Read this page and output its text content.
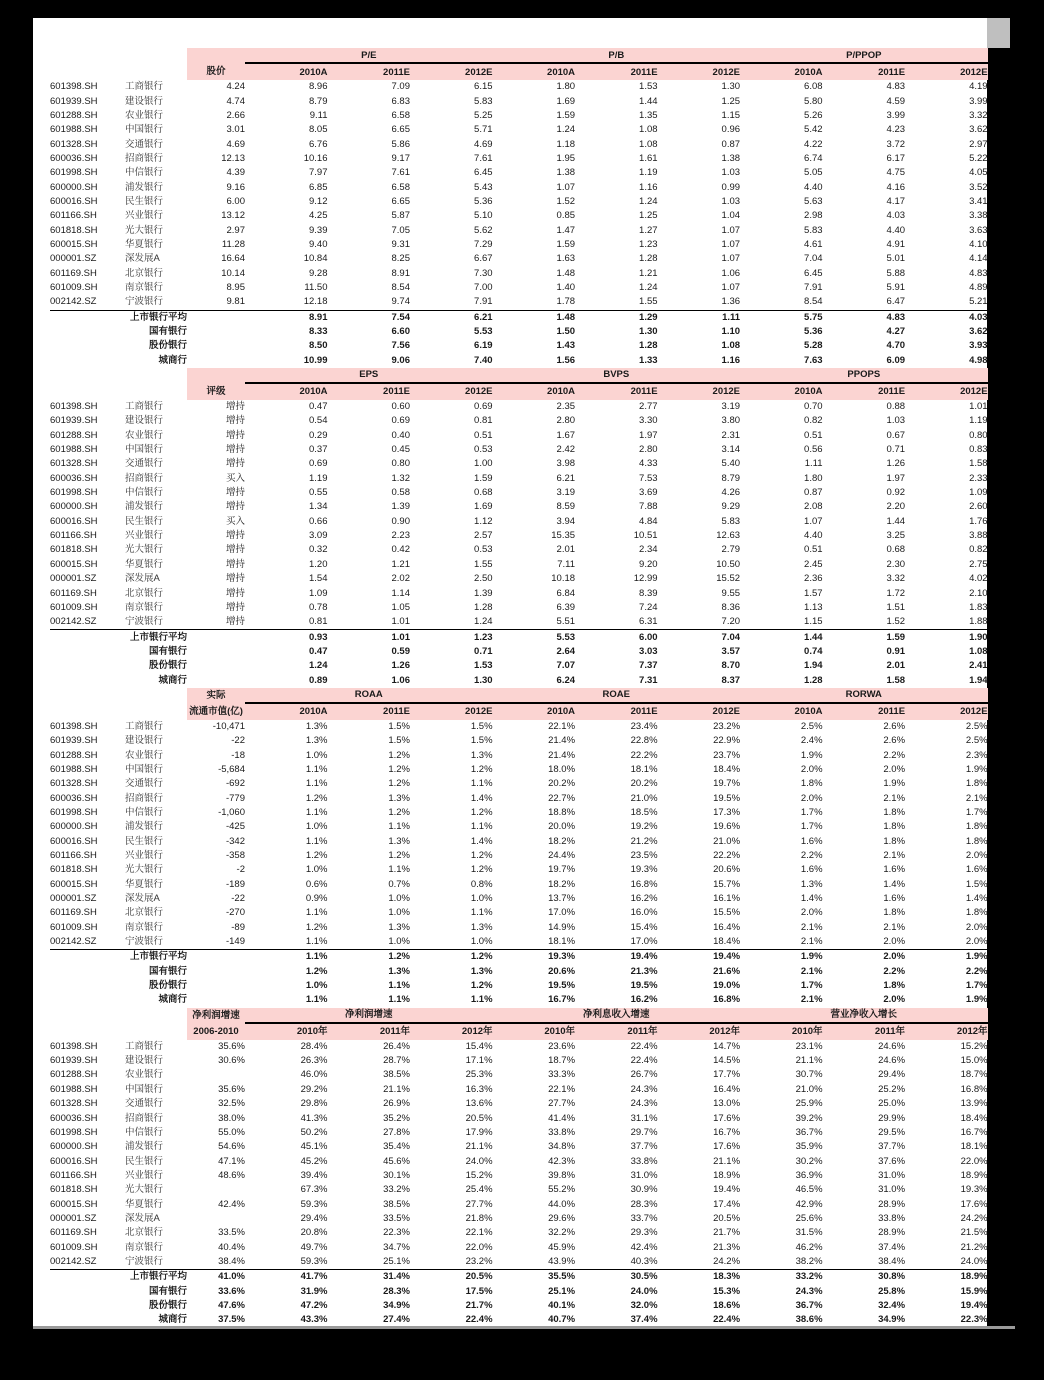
			P/E			P/B			P/PPOP		
		股价	2010A	2011E	2012E	2010A	2011E	2012E	2010A	2011E	2012E
601398.SH	工商银行	4.24	8.96	7.09	6.15	1.80	1.53	1.30	6.08	4.83	4.19
601939.SH	建设银行	4.74	8.79	6.83	5.83	1.69	1.44	1.25	5.80	4.59	3.99
601288.SH	农业银行	2.66	9.11	6.58	5.25	1.59	1.35	1.15	5.26	3.99	3.32
601988.SH	中国银行	3.01	8.05	6.65	5.71	1.24	1.08	0.96	5.42	4.23	3.62
601328.SH	交通银行	4.69	6.76	5.86	4.69	1.18	1.08	0.87	4.22	3.72	2.97
600036.SH	招商银行	12.13	10.16	9.17	7.61	1.95	1.61	1.38	6.74	6.17	5.22
601998.SH	中信银行	4.39	7.97	7.61	6.45	1.38	1.19	1.03	5.05	4.75	4.05
600000.SH	浦发银行	9.16	6.85	6.58	5.43	1.07	1.16	0.99	4.40	4.16	3.52
600016.SH	民生银行	6.00	9.12	6.65	5.36	1.52	1.24	1.03	5.63	4.17	3.41
601166.SH	兴业银行	13.12	4.25	5.87	5.10	0.85	1.25	1.04	2.98	4.03	3.38
601818.SH	光大银行	2.97	9.39	7.05	5.62	1.47	1.27	1.07	5.83	4.40	3.63
600015.SH	华夏银行	11.28	9.40	9.31	7.29	1.59	1.23	1.07	4.61	4.91	4.10
000001.SZ	深发展A	16.64	10.84	8.25	6.67	1.63	1.28	1.07	7.04	5.01	4.14
601169.SH	北京银行	10.14	9.28	8.91	7.30	1.48	1.21	1.06	6.45	5.88	4.83
601009.SH	南京银行	8.95	11.50	8.54	7.00	1.40	1.24	1.07	7.91	5.91	4.89
002142.SZ	宁波银行	9.81	12.18	9.74	7.91	1.78	1.55	1.36	8.54	6.47	5.21
上市银行平均			8.91	7.54	6.21	1.48	1.29	1.11	5.75	4.83	4.03
国有银行			8.33	6.60	5.53	1.50	1.30	1.10	5.36	4.27	3.62
股份银行			8.50	7.56	6.19	1.43	1.28	1.08	5.28	4.70	3.93
城商行			10.99	9.06	7.40	1.56	1.33	1.16	7.63	6.09	4.98
			EPS			BVPS			PPOPS		
		评级	2010A	2011E	2012E	2010A	2011E	2012E	2010A	2011E	2012E
601398.SH	工商银行	增持	0.47	0.60	0.69	2.35	2.77	3.19	0.70	0.88	1.01
601939.SH	建设银行	增持	0.54	0.69	0.81	2.80	3.30	3.80	0.82	1.03	1.19
601288.SH	农业银行	增持	0.29	0.40	0.51	1.67	1.97	2.31	0.51	0.67	0.80
601988.SH	中国银行	增持	0.37	0.45	0.53	2.42	2.80	3.14	0.56	0.71	0.83
601328.SH	交通银行	增持	0.69	0.80	1.00	3.98	4.33	5.40	1.11	1.26	1.58
600036.SH	招商银行	买入	1.19	1.32	1.59	6.21	7.53	8.79	1.80	1.97	2.33
601998.SH	中信银行	增持	0.55	0.58	0.68	3.19	3.69	4.26	0.87	0.92	1.09
600000.SH	浦发银行	增持	1.34	1.39	1.69	8.59	7.88	9.29	2.08	2.20	2.60
600016.SH	民生银行	买入	0.66	0.90	1.12	3.94	4.84	5.83	1.07	1.44	1.76
601166.SH	兴业银行	增持	3.09	2.23	2.57	15.35	10.51	12.63	4.40	3.25	3.88
601818.SH	光大银行	增持	0.32	0.42	0.53	2.01	2.34	2.79	0.51	0.68	0.82
600015.SH	华夏银行	增持	1.20	1.21	1.55	7.11	9.20	10.50	2.45	2.30	2.75
000001.SZ	深发展A	增持	1.54	2.02	2.50	10.18	12.99	15.52	2.36	3.32	4.02
601169.SH	北京银行	增持	1.09	1.14	1.39	6.84	8.39	9.55	1.57	1.72	2.10
601009.SH	南京银行	增持	0.78	1.05	1.28	6.39	7.24	8.36	1.13	1.51	1.83
002142.SZ	宁波银行	增持	0.81	1.01	1.24	5.51	6.31	7.20	1.15	1.52	1.88
上市银行平均			0.93	1.01	1.23	5.53	6.00	7.04	1.44	1.59	1.90
国有银行			0.47	0.59	0.71	2.64	3.03	3.57	0.74	0.91	1.08
股份银行			1.24	1.26	1.53	7.07	7.37	8.70	1.94	2.01	2.41
城商行			0.89	1.06	1.30	6.24	7.31	8.37	1.28	1.58	1.94
		实际	ROAA			ROAE			RORWA		
		流通市值(亿)	2010A	2011E	2012E	2010A	2011E	2012E	2010A	2011E	2012E
601398.SH	工商银行	-10,471	1.3%	1.5%	1.5%	22.1%	23.4%	23.2%	2.5%	2.6%	2.5%
601939.SH	建设银行	-22	1.3%	1.5%	1.5%	21.4%	22.8%	22.9%	2.4%	2.6%	2.5%
601288.SH	农业银行	-18	1.0%	1.2%	1.3%	21.4%	22.2%	23.7%	1.9%	2.2%	2.3%
601988.SH	中国银行	-5,684	1.1%	1.2%	1.2%	18.0%	18.1%	18.4%	2.0%	2.0%	1.9%
601328.SH	交通银行	-692	1.1%	1.2%	1.1%	20.2%	20.2%	19.7%	1.8%	1.9%	1.8%
600036.SH	招商银行	-779	1.2%	1.3%	1.4%	22.7%	21.0%	19.5%	2.0%	2.1%	2.1%
601998.SH	中信银行	-1,060	1.1%	1.2%	1.2%	18.8%	18.5%	17.3%	1.7%	1.8%	1.7%
600000.SH	浦发银行	-425	1.0%	1.1%	1.1%	20.0%	19.2%	19.6%	1.7%	1.8%	1.8%
600016.SH	民生银行	-342	1.1%	1.3%	1.4%	18.2%	21.2%	21.0%	1.6%	1.8%	1.8%
601166.SH	兴业银行	-358	1.2%	1.2%	1.2%	24.4%	23.5%	22.2%	2.2%	2.1%	2.0%
601818.SH	光大银行	-2	1.0%	1.1%	1.2%	19.7%	19.3%	20.6%	1.6%	1.6%	1.6%
600015.SH	华夏银行	-189	0.6%	0.7%	0.8%	18.2%	16.8%	15.7%	1.3%	1.4%	1.5%
000001.SZ	深发展A	-22	0.9%	1.0%	1.0%	13.7%	16.2%	16.1%	1.4%	1.6%	1.4%
601169.SH	北京银行	-270	1.1%	1.0%	1.1%	17.0%	16.0%	15.5%	2.0%	1.8%	1.8%
601009.SH	南京银行	-89	1.2%	1.3%	1.3%	14.9%	15.4%	16.4%	2.1%	2.1%	2.0%
002142.SZ	宁波银行	-149	1.1%	1.0%	1.0%	18.1%	17.0%	18.4%	2.1%	2.0%	2.0%
上市银行平均			1.1%	1.2%	1.2%	19.3%	19.4%	19.4%	1.9%	2.0%	1.9%
国有银行			1.2%	1.3%	1.3%	20.6%	21.3%	21.6%	2.1%	2.2%	2.2%
股份银行			1.0%	1.1%	1.2%	19.5%	19.5%	19.0%	1.7%	1.8%	1.7%
城商行			1.1%	1.1%	1.1%	16.7%	16.2%	16.8%	2.1%	2.0%	1.9%
		净利润增速	净利润增速			净利息收入增速			营业净收入增长		
		2006-2010	2010年	2011年	2012年	2010年	2011年	2012年	2010年	2011年	2012年
601398.SH	工商银行	35.6%	28.4%	26.4%	15.4%	23.6%	22.4%	14.7%	23.1%	24.6%	15.2%
601939.SH	建设银行	30.6%	26.3%	28.7%	17.1%	18.7%	22.4%	14.5%	21.1%	24.6%	15.0%
601288.SH	农业银行		46.0%	38.5%	25.3%	33.3%	26.7%	17.7%	30.7%	29.4%	18.7%
601988.SH	中国银行	35.6%	29.2%	21.1%	16.3%	22.1%	24.3%	16.4%	21.0%	25.2%	16.8%
601328.SH	交通银行	32.5%	29.8%	26.9%	13.6%	27.7%	24.3%	13.0%	25.9%	25.0%	13.9%
600036.SH	招商银行	38.0%	41.3%	35.2%	20.5%	41.4%	31.1%	17.6%	39.2%	29.9%	18.4%
601998.SH	中信银行	55.0%	50.2%	27.8%	17.9%	33.8%	29.7%	16.7%	36.7%	29.5%	16.7%
600000.SH	浦发银行	54.6%	45.1%	35.4%	21.1%	34.8%	37.7%	17.6%	35.9%	37.7%	18.1%
600016.SH	民生银行	47.1%	45.2%	45.6%	24.0%	42.3%	33.8%	21.1%	30.2%	37.6%	22.0%
601166.SH	兴业银行	48.6%	39.4%	30.1%	15.2%	39.8%	31.0%	18.9%	36.9%	31.0%	18.9%
601818.SH	光大银行		67.3%	33.2%	25.4%	55.2%	30.9%	19.4%	46.5%	31.0%	19.3%
600015.SH	华夏银行	42.4%	59.3%	38.5%	27.7%	44.0%	28.3%	17.4%	42.9%	28.9%	17.6%
000001.SZ	深发展A		29.4%	33.5%	21.8%	29.6%	33.7%	20.5%	25.6%	33.8%	24.2%
601169.SH	北京银行	33.5%	20.8%	22.3%	22.1%	32.2%	29.3%	21.7%	31.5%	28.9%	21.5%
601009.SH	南京银行	40.4%	49.7%	34.7%	22.0%	45.9%	42.4%	21.3%	46.2%	37.4%	21.2%
002142.SZ	宁波银行	38.4%	59.3%	25.1%	23.2%	43.9%	40.3%	24.2%	38.2%	38.4%	24.0%
上市银行平均		41.0%	41.7%	31.4%	20.5%	35.5%	30.5%	18.3%	33.2%	30.8%	18.9%
国有银行		33.6%	31.9%	28.3%	17.5%	25.1%	24.0%	15.3%	24.3%	25.8%	15.9%
股份银行		47.6%	47.2%	34.9%	21.7%	40.1%	32.0%	18.6%	36.7%	32.4%	19.4%
城商行		37.5%	43.3%	27.4%	22.4%	40.7%	37.4%	22.4%	38.6%	34.9%	22.3%
